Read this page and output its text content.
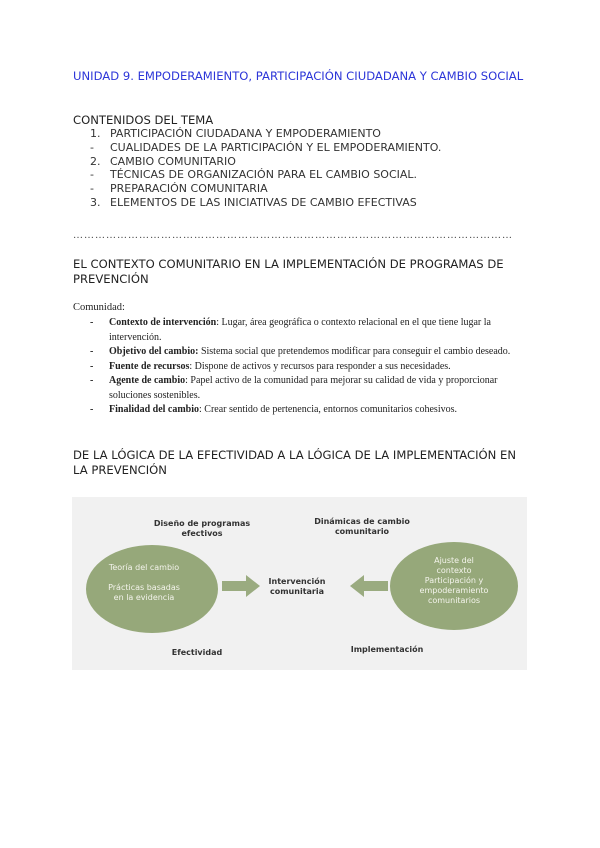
UNIDAD 9. EMPODERAMIENTO, PARTICIPACIÓN CIUDADANA Y CAMBIO SOCIAL
CONTENIDOS DEL TEMA
1. PARTICIPACIÓN CIUDADANA Y EMPODERAMIENTO
-	CUALIDADES DE LA PARTICIPACIÓN Y EL EMPODERAMIENTO.
2. CAMBIO COMUNITARIO
-	TÉCNICAS DE ORGANIZACIÓN PARA EL CAMBIO SOCIAL.
-	PREPARACIÓN COMUNITARIA
3. ELEMENTOS DE LAS INICIATIVAS DE CAMBIO EFECTIVAS
…………………………………………………………………………………………………………
EL CONTEXTO COMUNITARIO EN LA IMPLEMENTACIÓN DE PROGRAMAS DE PREVENCIÓN
Comunidad:
-	Contexto de intervención: Lugar, área geográfica o contexto relacional en el que tiene lugar la intervención.
-	Objetivo del cambio: Sistema social que pretendemos modificar para conseguir el cambio deseado.
-	Fuente de recursos: Dispone de activos y recursos para responder a sus necesidades.
-	Agente de cambio: Papel activo de la comunidad para mejorar su calidad de vida y proporcionar soluciones sostenibles.
-	Finalidad del cambio: Crear sentido de pertenencia, entornos comunitarios cohesivos.
DE LA LÓGICA DE LA EFECTIVIDAD A LA LÓGICA DE LA IMPLEMENTACIÓN EN LA PREVENCIÓN
Diseño de programas
efectivos
Dinámicas de cambio
comunitario
Teoría del cambio
Prácticas basadas
en la evidencia
Intervención
comunitaria
Ajuste del
contexto
Participación y
empoderamiento
comunitarios
Efectividad	Implementación
